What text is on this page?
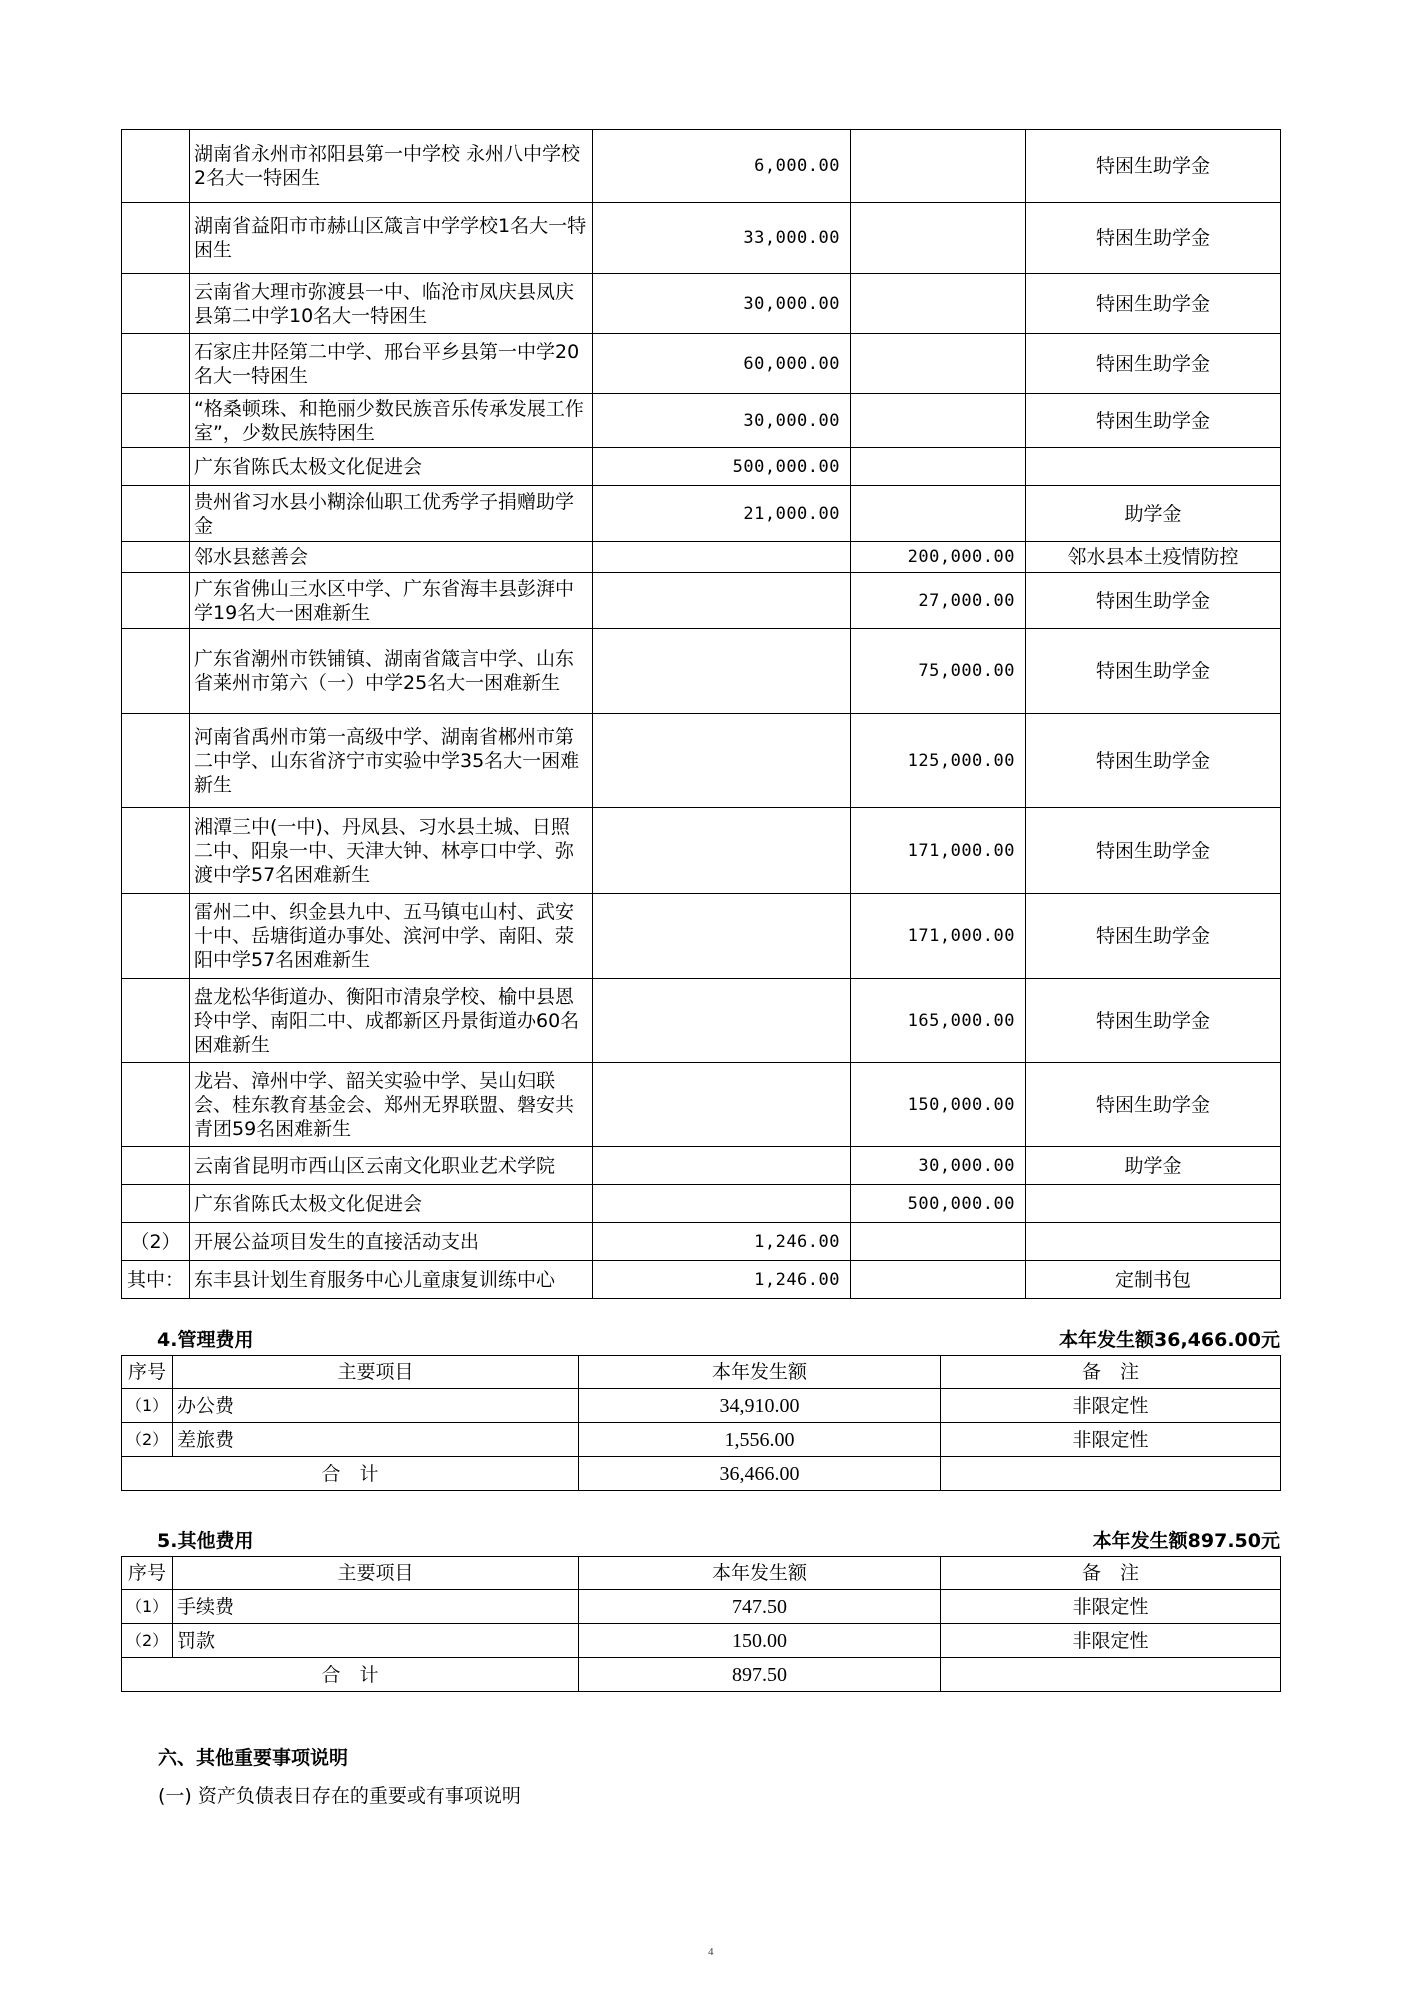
	湖南省永州市祁阳县第一中学校 永州八中学校2名大一特困生	6,000.00		特困生助学金
	湖南省益阳市市赫山区箴言中学学校1名大一特困生	33,000.00		特困生助学金
	云南省大理市弥渡县一中、临沧市凤庆县凤庆县第二中学10名大一特困生	30,000.00		特困生助学金
	石家庄井陉第二中学、邢台平乡县第一中学20名大一特困生	60,000.00		特困生助学金
	“格桑顿珠、和艳丽少数民族音乐传承发展工作室”，少数民族特困生	30,000.00		特困生助学金
	广东省陈氏太极文化促进会	500,000.00		
	贵州省习水县小糊涂仙职工优秀学子捐赠助学金	21,000.00		助学金
	邻水县慈善会		200,000.00	邻水县本土疫情防控
	广东省佛山三水区中学、广东省海丰县彭湃中学19名大一困难新生		27,000.00	特困生助学金
	广东省潮州市铁铺镇、湖南省箴言中学、山东省莱州市第六（一）中学25名大一困难新生		75,000.00	特困生助学金
	河南省禹州市第一高级中学、湖南省郴州市第二中学、山东省济宁市实验中学35名大一困难新生		125,000.00	特困生助学金
	湘潭三中(一中)、丹凤县、习水县土城、日照二中、阳泉一中、天津大钟、林亭口中学、弥渡中学57名困难新生		171,000.00	特困生助学金
	雷州二中、织金县九中、五马镇屯山村、武安十中、岳塘街道办事处、滨河中学、南阳、荥阳中学57名困难新生		171,000.00	特困生助学金
	盘龙松华街道办、衡阳市清泉学校、榆中县恩玲中学、南阳二中、成都新区丹景街道办60名困难新生		165,000.00	特困生助学金
	龙岩、漳州中学、韶关实验中学、吴山妇联会、桂东教育基金会、郑州无界联盟、磐安共青团59名困难新生		150,000.00	特困生助学金
	云南省昆明市西山区云南文化职业艺术学院		30,000.00	助学金
	广东省陈氏太极文化促进会		500,000.00	
（2）	开展公益项目发生的直接活动支出	1,246.00		
其中：	东丰县计划生育服务中心儿童康复训练中心	1,246.00		定制书包
4.管理费用	本年发生额36,466.00元
序号	主要项目	本年发生额	备　注
（1）	办公费	34,910.00	非限定性
（2）	差旅费	1,556.00	非限定性
合　计		36,466.00	
5.其他费用	本年发生额897.50元
序号	主要项目	本年发生额	备　注
（1）	手续费	747.50	非限定性
（2）	罚款	150.00	非限定性
合　计		897.50	
六、其他重要事项说明
(一) 资产负债表日存在的重要或有事项说明
4
